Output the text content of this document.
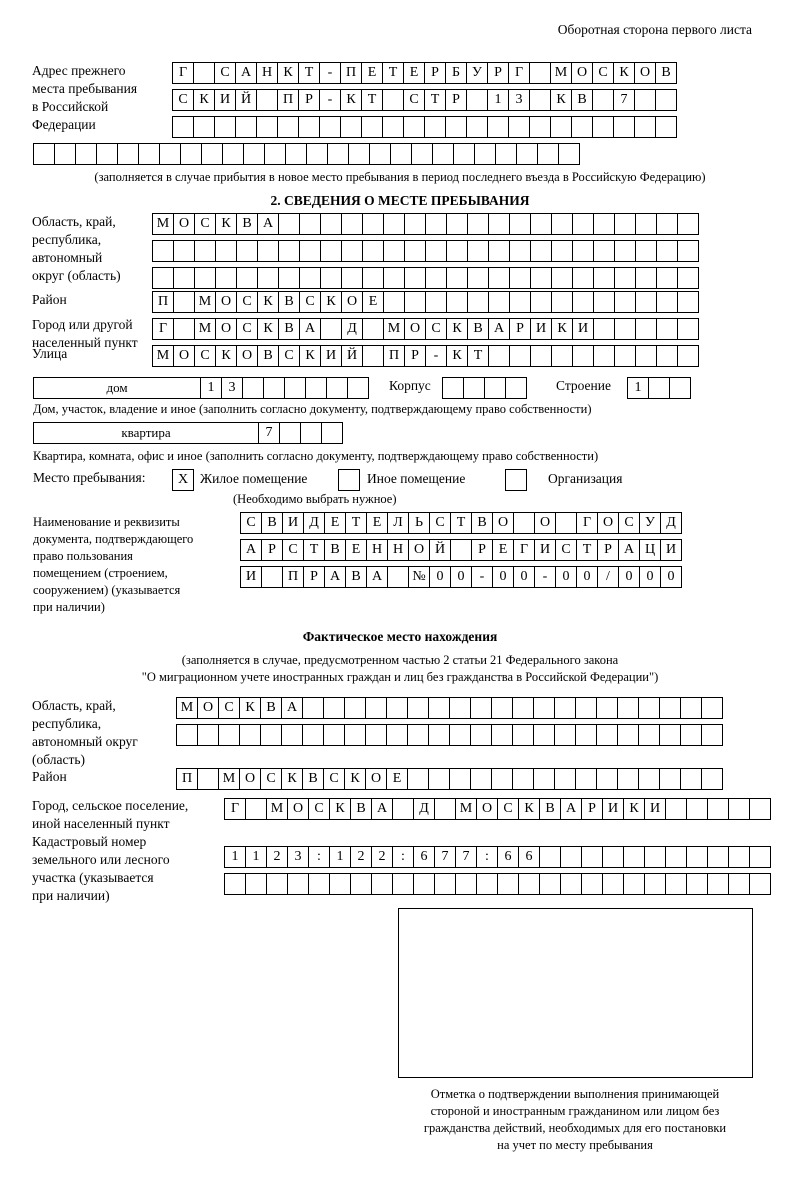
Оборотная сторона первого листа
Адрес прежнего
места пребывания
в Российской
Федерации
Г	С А Н К Т	- П Е Т Е Р Б У Р Г	М О С К О В
С К И Й	П Р	-	К Т	С Т Р	1	3	К В	7
(заполняется в случае прибытия в новое место пребывания в период последнего въезда в Российскую Федерацию)
2. СВЕДЕНИЯ О МЕСТЕ ПРЕБЫВАНИЯ
Область, край,
республика,
автономный
округ (область)
М О С К В А
Район	П	М О С К В С К О Е
Город или другой
населенный пункт
Г	М О С К В А	Д	М О С К В А Р И К И
Улица	М О С К О В С К И Й	П Р	-	К Т
дом	1	3	Корпус	Строение	1
Дом, участок, владение и иное (заполнить согласно документу, подтверждающему право собственности)
квартира	7
Квартира, комната, офис и иное (заполнить согласно документу, подтверждающему право собственности)
Место пребывания:	X Жилое помещение	Иное помещение	Организация
(Необходимо выбрать нужное)
Наименование и реквизиты
документа, подтверждающего
право пользования
помещением (строением,
сооружением) (указывается
при наличии)
С В И Д Е Т Е Л Ь С Т В О	О	Г О С У Д
А Р С Т В Е Н Н О Й	Р Е Г И С Т Р А Ц И
И	П Р А В А	№ 0	0	-	0	0	-	0	0	/	0	0	0
Фактическое место нахождения
(заполняется в случае, предусмотренном частью 2 статьи 21 Федерального закона
"О миграционном учете иностранных граждан и лиц без гражданства в Российской Федерации")
Область, край,
республика,
автономный округ
(область)
М О С К В А
Район	П	М О С К В С К О Е
Город, сельское поселение,
иной населенный пункт
Г	М О С К В А	Д	М О С К В А Р И К И
Кадастровый номер
земельного или лесного
участка (указывается
при наличии)
1	1	2	3	:	1	2	2	:	6	7	7	:	6	6
Отметка о подтверждении выполнения принимающей
стороной и иностранным гражданином или лицом без
гражданства действий, необходимых для его постановки
на учет по месту пребывания
